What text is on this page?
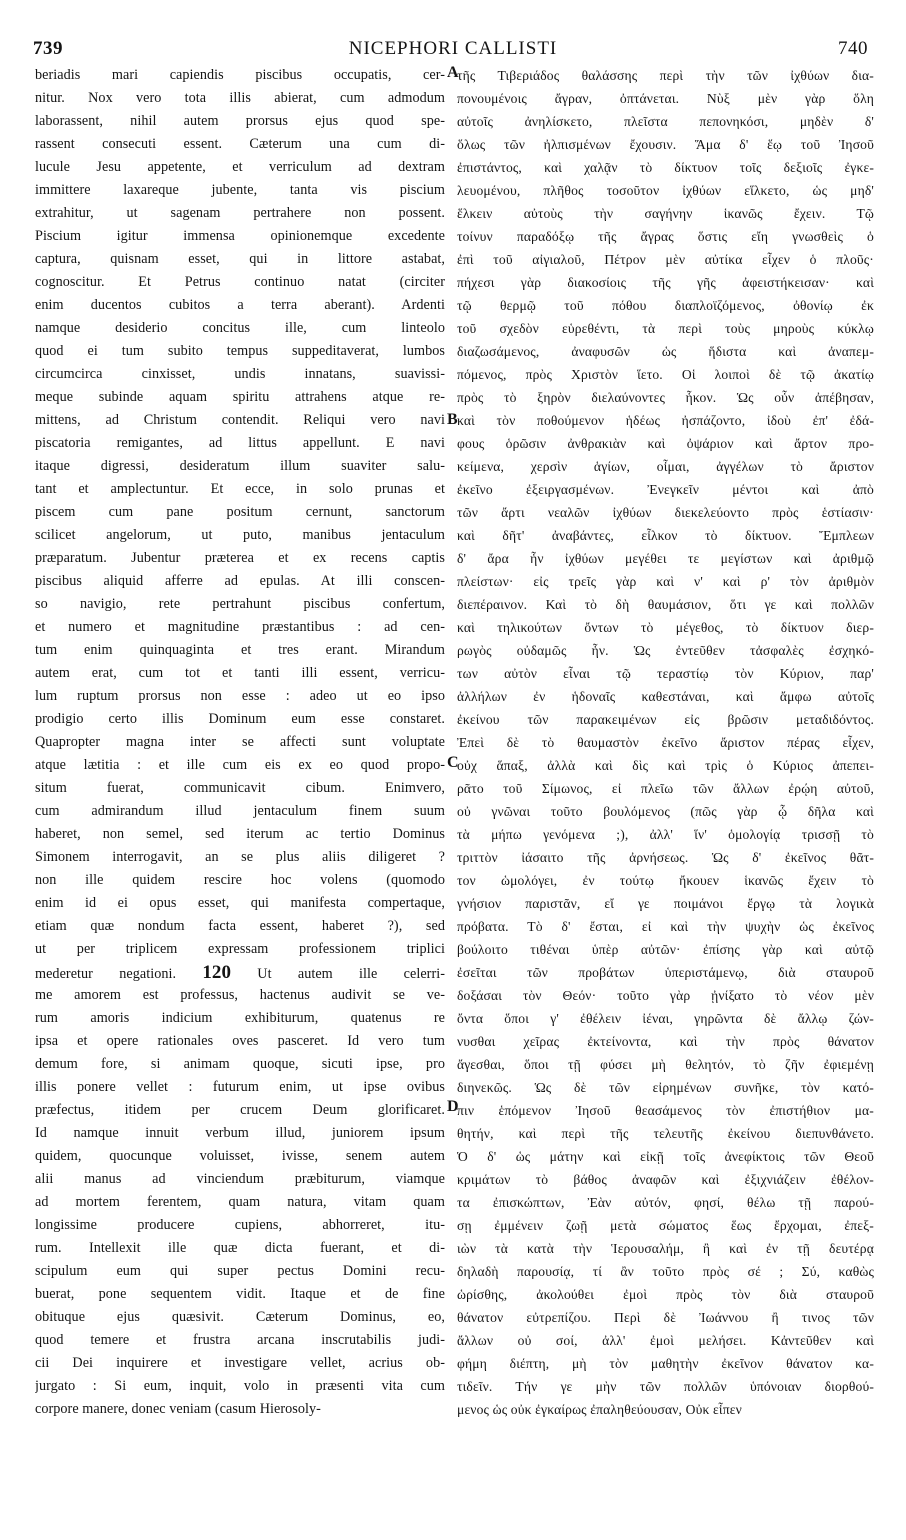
739	NICEPHORI CALLISTI	740
A
B
C
D
beriadis mari capiendis piscibus occupatis, cer-
nitur. Nox vero tota illis abierat, cum admodum
laborassent, nihil autem prorsus ejus quod spe-
rassent consecuti essent. Cæterum una cum di-
lucule Jesu appetente, et verriculum ad dextram
immittere laxareque jubente, tanta vis piscium
extrahitur, ut sagenam pertrahere non possent.
Piscium igitur immensa opinionemque excedente
captura, quisnam esset, qui in littore astabat,
cognoscitur. Et Petrus continuo natat (circiter
enim ducentos cubitos a terra aberant). Ardenti
namque desiderio concitus ille, cum linteolo
quod ei tum subito tempus suppeditaverat, lumbos
circumcirca cinxisset, undis innatans, suavissi-
meque subinde aquam spiritu attrahens atque re-
mittens, ad Christum contendit. Reliqui vero navi
piscatoria remigantes, ad littus appellunt. E navi
itaque digressi, desideratum illum suaviter salu-
tant et amplectuntur. Et ecce, in solo prunas et
piscem cum pane positum cernunt, sanctorum
scilicet angelorum, ut puto, manibus jentaculum
præparatum. Jubentur præterea et ex recens captis
piscibus aliquid afferre ad epulas. At illi conscen-
so navigio, rete pertrahunt piscibus confertum,
et numero et magnitudine præstantibus : ad cen-
tum enim quinquaginta et tres erant. Mirandum
autem erat, cum tot et tanti illi essent, verricu-
lum ruptum prorsus non esse : adeo ut eo ipso
prodigio certo illis Dominum eum esse constaret.
Quapropter magna inter se affecti sunt voluptate
atque lætitia : et ille cum eis ex eo quod propo-
situm fuerat, communicavit cibum. Enimvero,
cum admirandum illud jentaculum finem suum
haberet, non semel, sed iterum ac tertio Dominus
Simonem interrogavit, an se plus aliis diligeret ?
non ille quidem rescire hoc volens (quomodo
enim id ei opus esset, qui manifesta compertaque,
etiam quæ nondum facta essent, haberet ?), sed
ut per triplicem expressam professionem triplici
mederetur negationi. 120 Ut autem ille celerri-
me amorem est professus, hactenus audivit se ve-
rum amoris indicium exhibiturum, quatenus re
ipsa et opere rationales oves pasceret. Id vero tum
demum fore, si animam quoque, sicuti ipse, pro
illis ponere vellet : futurum enim, ut ipse ovibus
præfectus, itidem per crucem Deum glorificaret.
Id namque innuit verbum illud, juniorem ipsum
quidem, quocunque voluisset, ivisse, senem autem
alii manus ad vinciendum præbiturum, viamque
ad mortem ferentem, quam natura, vitam quam
longissime producere cupiens, abhorreret, itu-
rum. Intellexit ille quæ dicta fuerant, et di-
scipulum eum qui super pectus Domini recu-
buerat, pone sequentem vidit. Itaque et de fine
obituque ejus quæsivit. Cæterum Dominus, eo,
quod temere et frustra arcana inscrutabilis judi-
cii Dei inquirere et investigare vellet, acrius ob-
jurgato : Si eum, inquit, volo in præsenti vita cum
corpore manere, donec veniam (casum Hierosoly-
τῆς Τιβεριάδος θαλάσσης περὶ τὴν τῶν ἰχθύων δια-
πονουμένοις ἄγραν, ὀπτάνεται. Νὺξ μὲν γὰρ ὅλη
αὐτοῖς ἀνηλίσκετο, πλεῖστα πεπονηκόσι, μηδὲν δ'
ὅλως τῶν ἠλπισμένων ἔχουσιν. Ἅμα δ' ἕῳ τοῦ Ἰησοῦ
ἐπιστάντος, καὶ χαλᾷν τὸ δίκτυον τοῖς δεξιοῖς ἐγκε-
λευομένου, πλῆθος τοσοῦτον ἰχθύων εἵλκετο, ὡς μηδ'
ἕλκειν αὐτοὺς τὴν σαγήνην ἱκανῶς ἔχειν. Τῷ
τοίνυν παραδόξῳ τῆς ἄγρας ὅστις εἴη γνωσθεὶς ὁ
ἐπὶ τοῦ αἰγιαλοῦ, Πέτρον μὲν αὐτίκα εἶχεν ὁ πλοῦς·
πήχεσι γὰρ διακοσίοις τῆς γῆς ἀφειστήκεισαν· καὶ
τῷ θερμῷ τοῦ πόθου διαπλοϊζόμενος, ὀθονίῳ ἐκ
τοῦ σχεδὸν εὑρεθέντι, τὰ περὶ τοὺς μηροὺς κύκλῳ
διαζωσάμενος, ἀναφυσῶν ὡς ἥδιστα καὶ ἀναπεμ-
πόμενος, πρὸς Χριστὸν ἵετο. Οἱ λοιποὶ δὲ τῷ ἀκατίῳ
πρὸς τὸ ξηρὸν διελαύνοντες ἧκον. Ὡς οὖν ἀπέβησαν,
καὶ τὸν ποθούμενον ἡδέως ἠσπάζοντο, ἰδοὺ ἐπ' ἐδά-
φους ὁρῶσιν ἀνθρακιὰν καὶ ὀψάριον καὶ ἄρτον προ-
κείμενα, χερσὶν ἁγίων, οἶμαι, ἀγγέλων τὸ ἄριστον
ἐκεῖνο ἐξειργασμένων. Ἐνεγκεῖν μέντοι καὶ ἀπὸ
τῶν ἄρτι νεαλῶν ἰχθύων διεκελεύοντο πρὸς ἑστίασιν·
καὶ δῆτ' ἀναβάντες, εἷλκον τὸ δίκτυον. Ἔμπλεων
δ' ἄρα ἦν ἰχθύων μεγέθει τε μεγίστων καὶ ἀριθμῷ
πλείστων· εἰς τρεῖς γὰρ καὶ ν' καὶ ρ' τὸν ἀριθμὸν
διεπέραινον. Καὶ τὸ δὴ θαυμάσιον, ὅτι γε καὶ πολλῶν
καὶ τηλικούτων ὄντων τὸ μέγεθος, τὸ δίκτυον διερ-
ρωγὸς οὐδαμῶς ἦν. Ὡς ἐντεῦθεν τἀσφαλὲς ἐσχηκό-
των αὐτὸν εἶναι τῷ τεραστίῳ τὸν Κύριον, παρ'
ἀλλήλων ἐν ἡδοναῖς καθεστάναι, καὶ ἄμφω αὐτοῖς
ἐκείνου τῶν παρακειμένων εἰς βρῶσιν μεταδιδόντος.
Ἐπεὶ δὲ τὸ θαυμαστὸν ἐκεῖνο ἄριστον πέρας εἶχεν,
οὐχ ἅπαξ, ἀλλὰ καὶ δὶς καὶ τρὶς ὁ Κύριος ἀπεπει-
ρᾶτο τοῦ Σίμωνος, εἰ πλεῖω τῶν ἄλλων ἐρῴη αὐτοῦ,
οὐ γνῶναι τοῦτο βουλόμενος (πῶς γὰρ ᾧ δῆλα καὶ
τὰ μήπω γενόμενα ;), ἀλλ' ἵν' ὁμολογίᾳ τρισσῇ τὸ
τριττὸν ἰάσαιτο τῆς ἀρνήσεως. Ὡς δ' ἐκεῖνος θᾶτ-
τον ὡμολόγει, ἐν τούτῳ ἤκουεν ἱκανῶς ἔχειν τὸ
γνήσιον παριστᾶν, εἴ γε ποιμάνοι ἔργῳ τὰ λογικὰ
πρόβατα. Τὸ δ' ἔσται, εἰ καὶ τὴν ψυχὴν ὡς ἐκεῖνος
βούλοιτο τιθέναι ὑπὲρ αὐτῶν· ἐπίσης γὰρ καὶ αὐτῷ
ἐσεῖται τῶν προβάτων ὑπεριστάμενῳ, διὰ σταυροῦ
δοξάσαι τὸν Θεόν· τοῦτο γὰρ ᾐνίξατο τὸ νέον μὲν
ὄντα ὅποι γ' ἐθέλειν ἰέναι, γηρῶντα δὲ ἄλλῳ ζών-
νυσθαι χεῖρας ἐκτείνοντα, καὶ τὴν πρὸς θάνατον
ἄγεσθαι, ὅποι τῇ φύσει μὴ θελητόν, τὸ ζῆν ἐφιεμένῃ
διηνεκῶς. Ὡς δὲ τῶν εἰρημένων συνῆκε, τὸν κατό-
πιν ἑπόμενον Ἰησοῦ θεασάμενος τὸν ἐπιστήθιον μα-
θητήν, καὶ περὶ τῆς τελευτῆς ἐκείνου διεπυνθάνετο.
Ὁ δ' ὡς μάτην καὶ εἰκῇ τοῖς ἀνεφίκτοις τῶν Θεοῦ
κριμάτων τὸ βάθος ἀναφῶν καὶ ἐξιχνιάζειν ἐθέλον-
τα ἐπισκώπτων, Ἐὰν αὐτόν, φησί, θέλω τῇ παρού-
σῃ ἐμμένειν ζωῇ μετὰ σώματος ἕως ἔρχομαι, ἐπεξ-
ιὼν τὰ κατὰ τὴν Ἱερουσαλήμ, ἢ καὶ ἐν τῇ δευτέρᾳ
δηλαδὴ παρουσίᾳ, τί ἂν τοῦτο πρὸς σέ ; Σύ, καθὼς
ὡρίσθης, ἀκολούθει ἐμοὶ πρὸς τὸν διὰ σταυροῦ
θάνατον εὐτρεπίζου. Περὶ δὲ Ἰωάννου ἢ τινος τῶν
ἄλλων οὐ σοί, ἀλλ' ἐμοὶ μελήσει. Κἀντεῦθεν καὶ
φήμη διέπτη, μὴ τὸν μαθητὴν ἐκεῖνον θάνατον κα-
τιδεῖν. Τήν γε μὴν τῶν πολλῶν ὑπόνοιαν διορθού-
μενος ὡς οὐκ ἐγκαίρως ἐπαληθεύουσαν, Οὐκ εἶπεν
